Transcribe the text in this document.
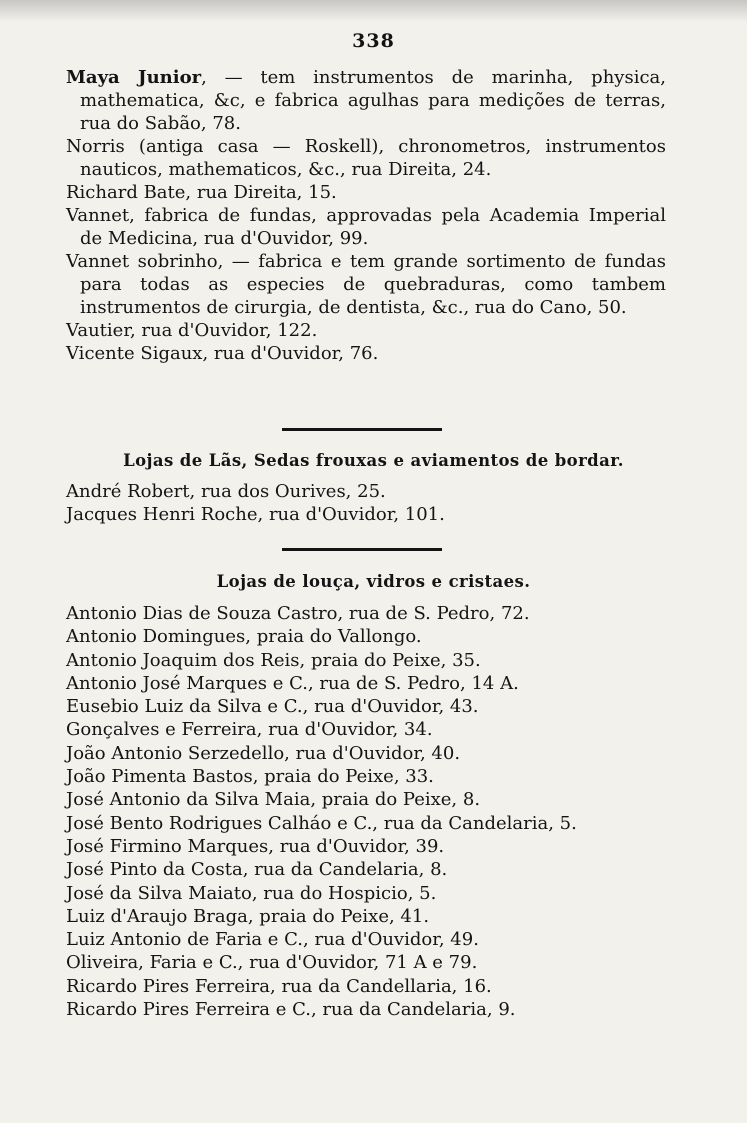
338
Maya Junior, — tem instrumentos de marinha, physica, mathematica, &c, e fabrica agulhas para medições de terras, rua do Sabão, 78.
Norris (antiga casa — Roskell), chronometros, instrumentos nauticos, mathematicos, &c., rua Direita, 24.
Richard Bate, rua Direita, 15.
Vannet, fabrica de fundas, approvadas pela Academia Imperial de Medicina, rua d'Ouvidor, 99.
Vannet sobrinho, — fabrica e tem grande sortimento de fundas para todas as especies de quebraduras, como tambem instrumentos de cirurgia, de dentista, &c., rua do Cano, 50.
Vautier, rua d'Ouvidor, 122.
Vicente Sigaux, rua d'Ouvidor, 76.
Lojas de Lãs, Sedas frouxas e aviamentos de bordar.
André Robert, rua dos Ourives, 25.
Jacques Henri Roche, rua d'Ouvidor, 101.
Lojas de louça, vidros e cristaes.
Antonio Dias de Souza Castro, rua de S. Pedro, 72.
Antonio Domingues, praia do Vallongo.
Antonio Joaquim dos Reis, praia do Peixe, 35.
Antonio José Marques e C., rua de S. Pedro, 14 A.
Eusebio Luiz da Silva e C., rua d'Ouvidor, 43.
Gonçalves e Ferreira, rua d'Ouvidor, 34.
João Antonio Serzedello, rua d'Ouvidor, 40.
João Pimenta Bastos, praia do Peixe, 33.
José Antonio da Silva Maia, praia do Peixe, 8.
José Bento Rodrigues Calháo e C., rua da Candelaria, 5.
José Firmino Marques, rua d'Ouvidor, 39.
José Pinto da Costa, rua da Candelaria, 8.
José da Silva Maiato, rua do Hospicio, 5.
Luiz d'Araujo Braga, praia do Peixe, 41.
Luiz Antonio de Faria e C., rua d'Ouvidor, 49.
Oliveira, Faria e C., rua d'Ouvidor, 71 A e 79.
Ricardo Pires Ferreira, rua da Candellaria, 16.
Ricardo Pires Ferreira e C., rua da Candelaria, 9.
